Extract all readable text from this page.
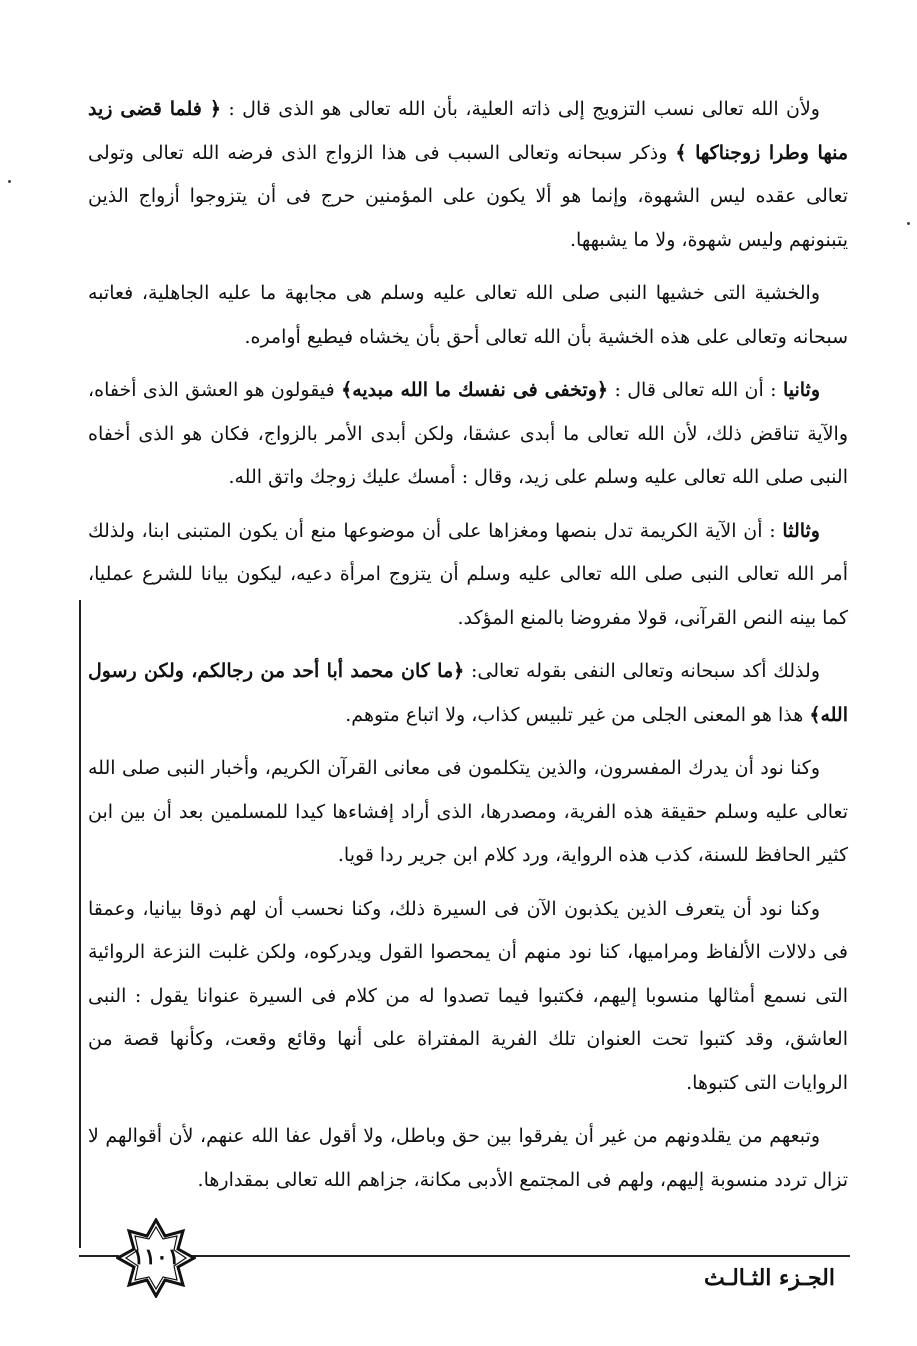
ولأن الله تعالى نسب التزويج إلى ذاته العلية، بأن الله تعالى هو الذى قال : ﴿ فلما قضى زيد منها وطرا زوجناكها ﴾ وذكر سبحانه وتعالى السبب فى هذا الزواج الذى فرضه الله تعالى وتولى تعالى عقده ليس الشهوة، وإنما هو ألا يكون على المؤمنين حرج فى أن يتزوجوا أزواج الذين يتبنونهم وليس شهوة، ولا ما يشبهها.

والخشية التى خشيها النبى صلى الله تعالى عليه وسلم هى مجابهة ما عليه الجاهلية، فعاتبه سبحانه وتعالى على هذه الخشية بأن الله تعالى أحق بأن يخشاه فيطيع أوامره.

وثانيا : أن الله تعالى قال : ﴿وتخفى فى نفسك ما الله مبديه﴾ فيقولون هو العشق الذى أخفاه، والآية تناقض ذلك، لأن الله تعالى ما أبدى عشقا، ولكن أبدى الأمر بالزواج، فكان هو الذى أخفاه النبى صلى الله تعالى عليه وسلم على زيد، وقال : أمسك عليك زوجك واتق الله.

وثالثا : أن الآية الكريمة تدل بنصها ومغزاها على أن موضوعها منع أن يكون المتبنى ابنا، ولذلك أمر الله تعالى النبى صلى الله تعالى عليه وسلم أن يتزوج امرأة دعيه، ليكون بيانا للشرع عمليا، كما بينه النص القرآنى، قولا مفروضا بالمنع المؤكد.

ولذلك أكد سبحانه وتعالى النفى بقوله تعالى: ﴿ما كان محمد أبا أحد من رجالكم، ولكن رسول الله﴾ هذا هو المعنى الجلى من غير تلبيس كذاب، ولا اتباع متوهم.

وكنا نود أن يدرك المفسرون، والذين يتكلمون فى معانى القرآن الكريم، وأخبار النبى صلى الله تعالى عليه وسلم حقيقة هذه الفرية، ومصدرها، الذى أراد إفشاءها كيدا للمسلمين بعد أن بين ابن كثير الحافظ للسنة، كذب هذه الرواية، ورد كلام ابن جرير ردا قويا.

وكنا نود أن يتعرف الذين يكذبون الآن فى السيرة ذلك، وكنا نحسب أن لهم ذوقا بيانيا، وعمقا فى دلالات الألفاظ ومراميها، كنا نود منهم أن يمحصوا القول ويدركوه، ولكن غلبت النزعة الروائية التى نسمع أمثالها منسوبا إليهم، فكتبوا فيما تصدوا له من كلام فى السيرة عنوانا يقول : النبى العاشق، وقد كتبوا تحت العنوان تلك الفرية المفتراة على أنها وقائع وقعت، وكأنها قصة من الروايات التى كتبوها.

وتبعهم من يقلدونهم من غير أن يفرقوا بين حق وباطل، ولا أقول عفا الله عنهم، لأن أقوالهم لا تزال تردد منسوبة إليهم، ولهم فى المجتمع الأدبى مكانة، جزاهم الله تعالى بمقدارها.

الجـزء الثـالـث
١١٠١
